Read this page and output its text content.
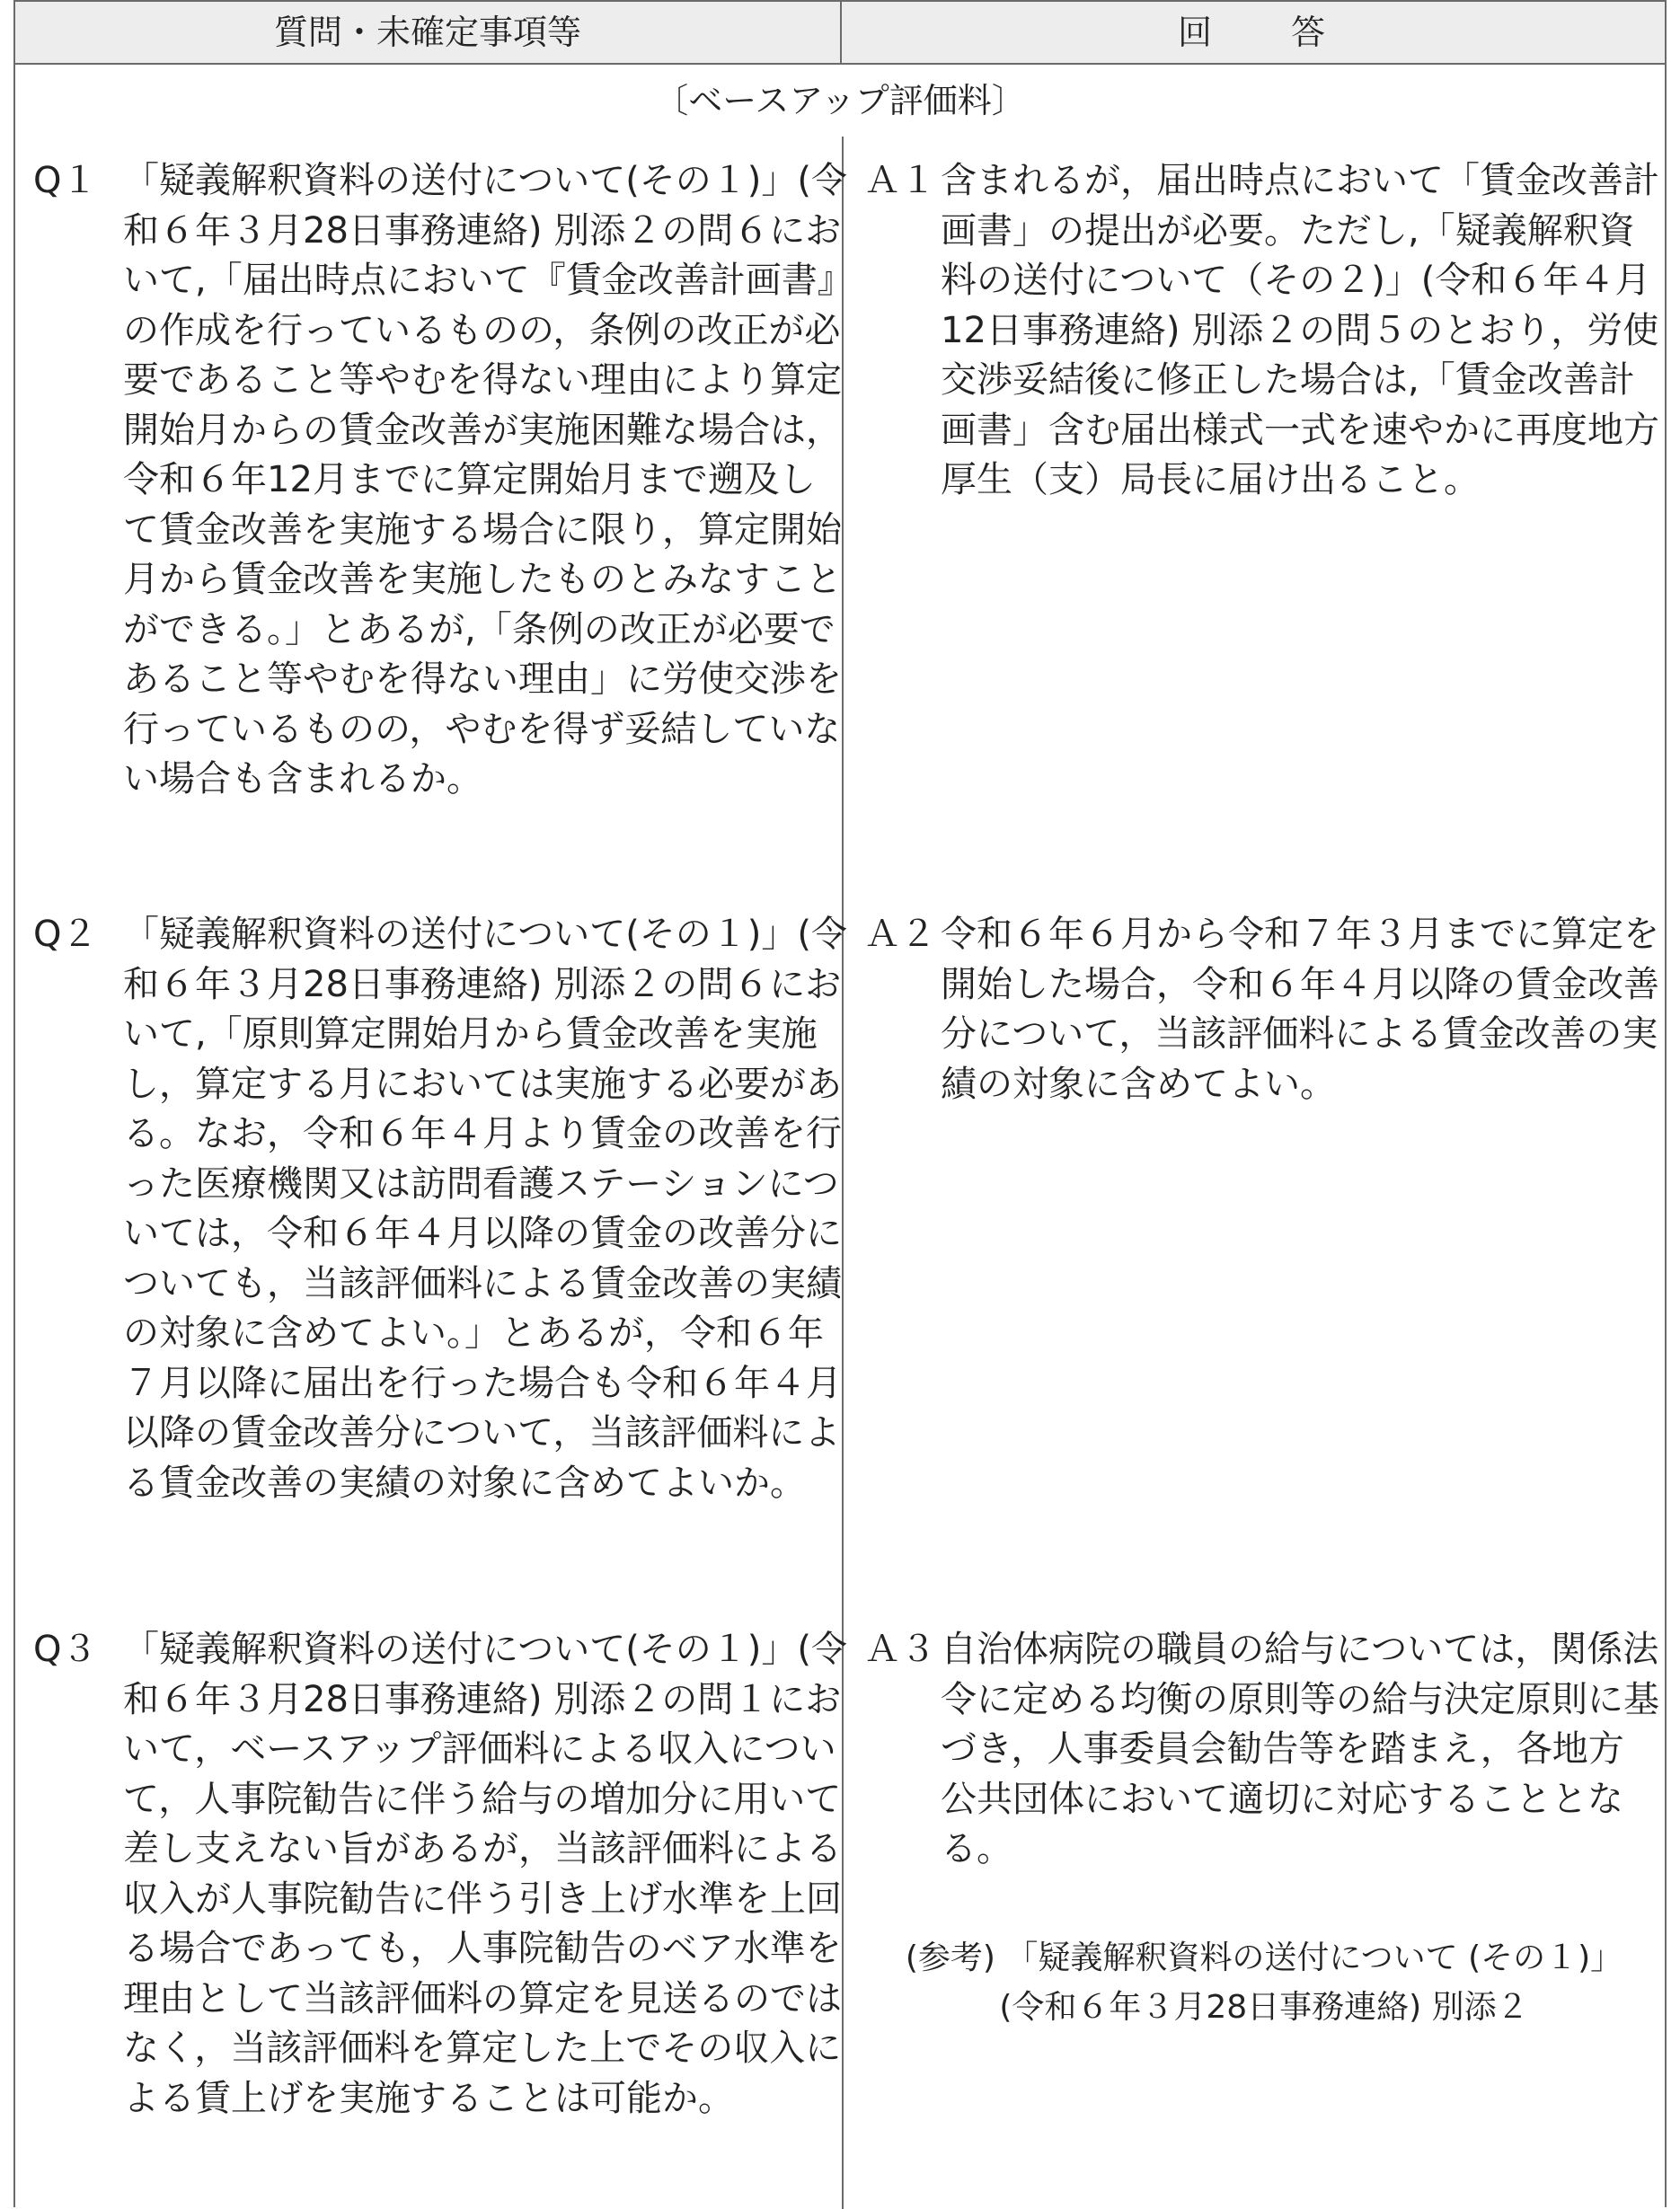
質問・未確定事項等	回　　答
〔ベースアップ評価料〕
Q１ 「疑義解釈資料の送付について(その１)」(令和６年３月28日事務連絡) 別添２の問６において,「届出時点において『賃金改善計画書』の作成を行っているものの，条例の改正が必要であること等やむを得ない理由により算定開始月からの賃金改善が実施困難な場合は，令和６年12月までに算定開始月まで遡及して賃金改善を実施する場合に限り，算定開始月から賃金改善を実施したものとみなすことができる。」とあるが,「条例の改正が必要であること等やむを得ない理由」に労使交渉を行っているものの，やむを得ず妥結していない場合も含まれるか。
Ａ１ 含まれるが，届出時点において「賃金改善計画書」の提出が必要。ただし,「疑義解釈資料の送付について（その２)」(令和６年４月12日事務連絡) 別添２の問５のとおり，労使交渉妥結後に修正した場合は,「賃金改善計画書」含む届出様式一式を速やかに再度地方厚生（支）局長に届け出ること。
Q２ 「疑義解釈資料の送付について(その１)」(令和６年３月28日事務連絡) 別添２の問６において,「原則算定開始月から賃金改善を実施し，算定する月においては実施する必要がある。なお，令和６年４月より賃金の改善を行った医療機関又は訪問看護ステーションについては，令和６年４月以降の賃金の改善分についても，当該評価料による賃金改善の実績の対象に含めてよい。」とあるが，令和６年７月以降に届出を行った場合も令和６年４月以降の賃金改善分について，当該評価料による賃金改善の実績の対象に含めてよいか。
Ａ２ 令和６年６月から令和７年３月までに算定を開始した場合，令和６年４月以降の賃金改善分について，当該評価料による賃金改善の実績の対象に含めてよい。
Q３ 「疑義解釈資料の送付について(その１)」(令和６年３月28日事務連絡) 別添２の問１において，ベースアップ評価料による収入について，人事院勧告に伴う給与の増加分に用いて差し支えない旨があるが，当該評価料による収入が人事院勧告に伴う引き上げ水準を上回る場合であっても，人事院勧告のベア水準を理由として当該評価料の算定を見送るのではなく，当該評価料を算定した上でその収入による賃上げを実施することは可能か。
Ａ３ 自治体病院の職員の給与については，関係法令に定める均衡の原則等の給与決定原則に基づき，人事委員会勧告等を踏まえ，各地方公共団体において適切に対応することとなる。
(参考) 「疑義解釈資料の送付について (その１)」
(令和６年３月28日事務連絡) 別添２
